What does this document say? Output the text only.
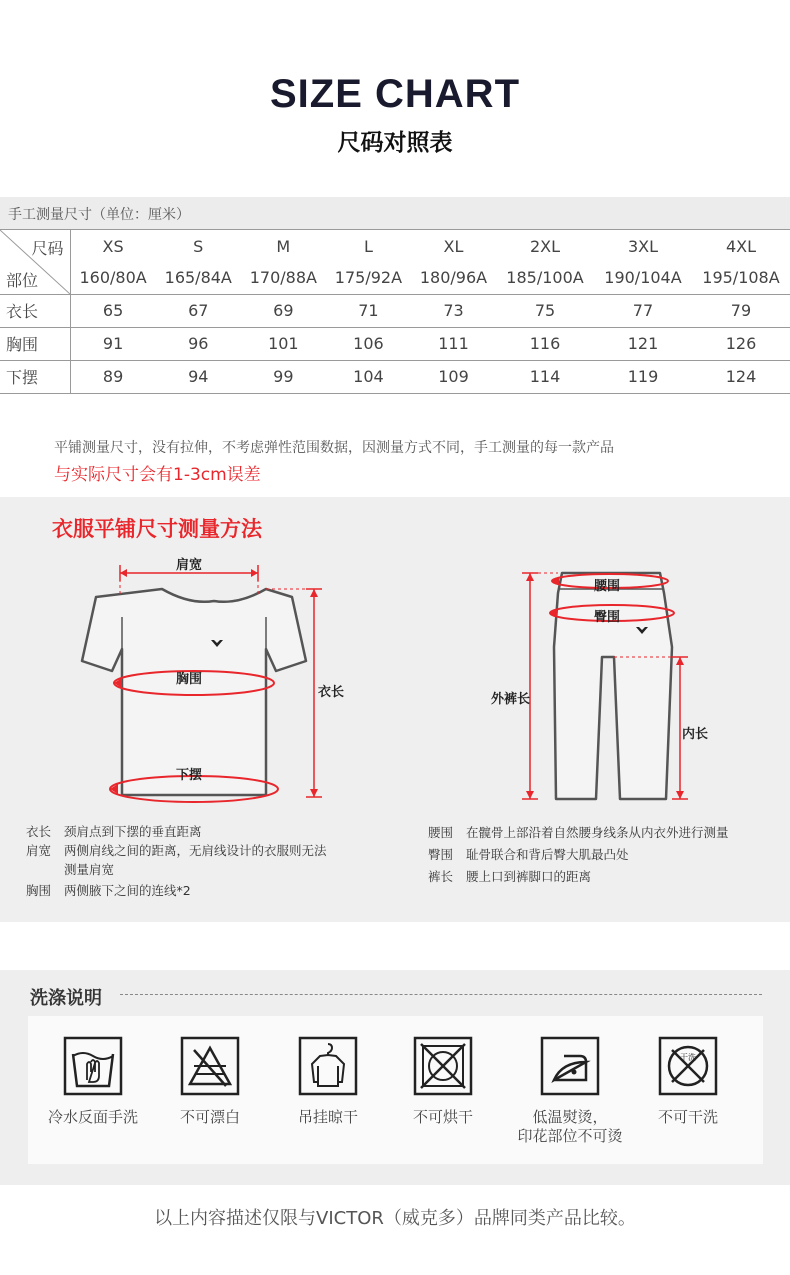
SIZE CHART
尺码对照表
手工测量尺寸（单位：厘米）
尺码
部位	XS	S	M	L	XL	2XL	3XL	4XL
	160/80A	165/84A	170/88A	175/92A	180/96A	185/100A	190/104A	195/108A
衣长	65	67	69	71	73	75	77	79
胸围	91	96	101	106	111	116	121	126
下摆	89	94	99	104	109	114	119	124
平铺测量尺寸，没有拉伸，不考虑弹性范围数据，因测量方式不同，手工测量的每一款产品
与实际尺寸会有1-3cm误差
衣服平铺尺寸测量方法
肩宽
胸围
衣长
下摆
腰围
臀围
外裤长
内长
衣长	颈肩点到下摆的垂直距离
肩宽	两侧肩线之间的距离，无肩线设计的衣服则无法
测量肩宽
胸围	两侧腋下之间的连线*2
腰围	在髋骨上部沿着自然腰身线条从内衣外进行测量
臀围	耻骨联合和背后臀大肌最凸处
裤长	腰上口到裤脚口的距离
洗涤说明
冷水反面手洗	不可漂白	吊挂晾干	不可烘干	低温熨烫，
印花部位不可烫
干洗
不可干洗
以上内容描述仅限与VICTOR（威克多）品牌同类产品比较。
